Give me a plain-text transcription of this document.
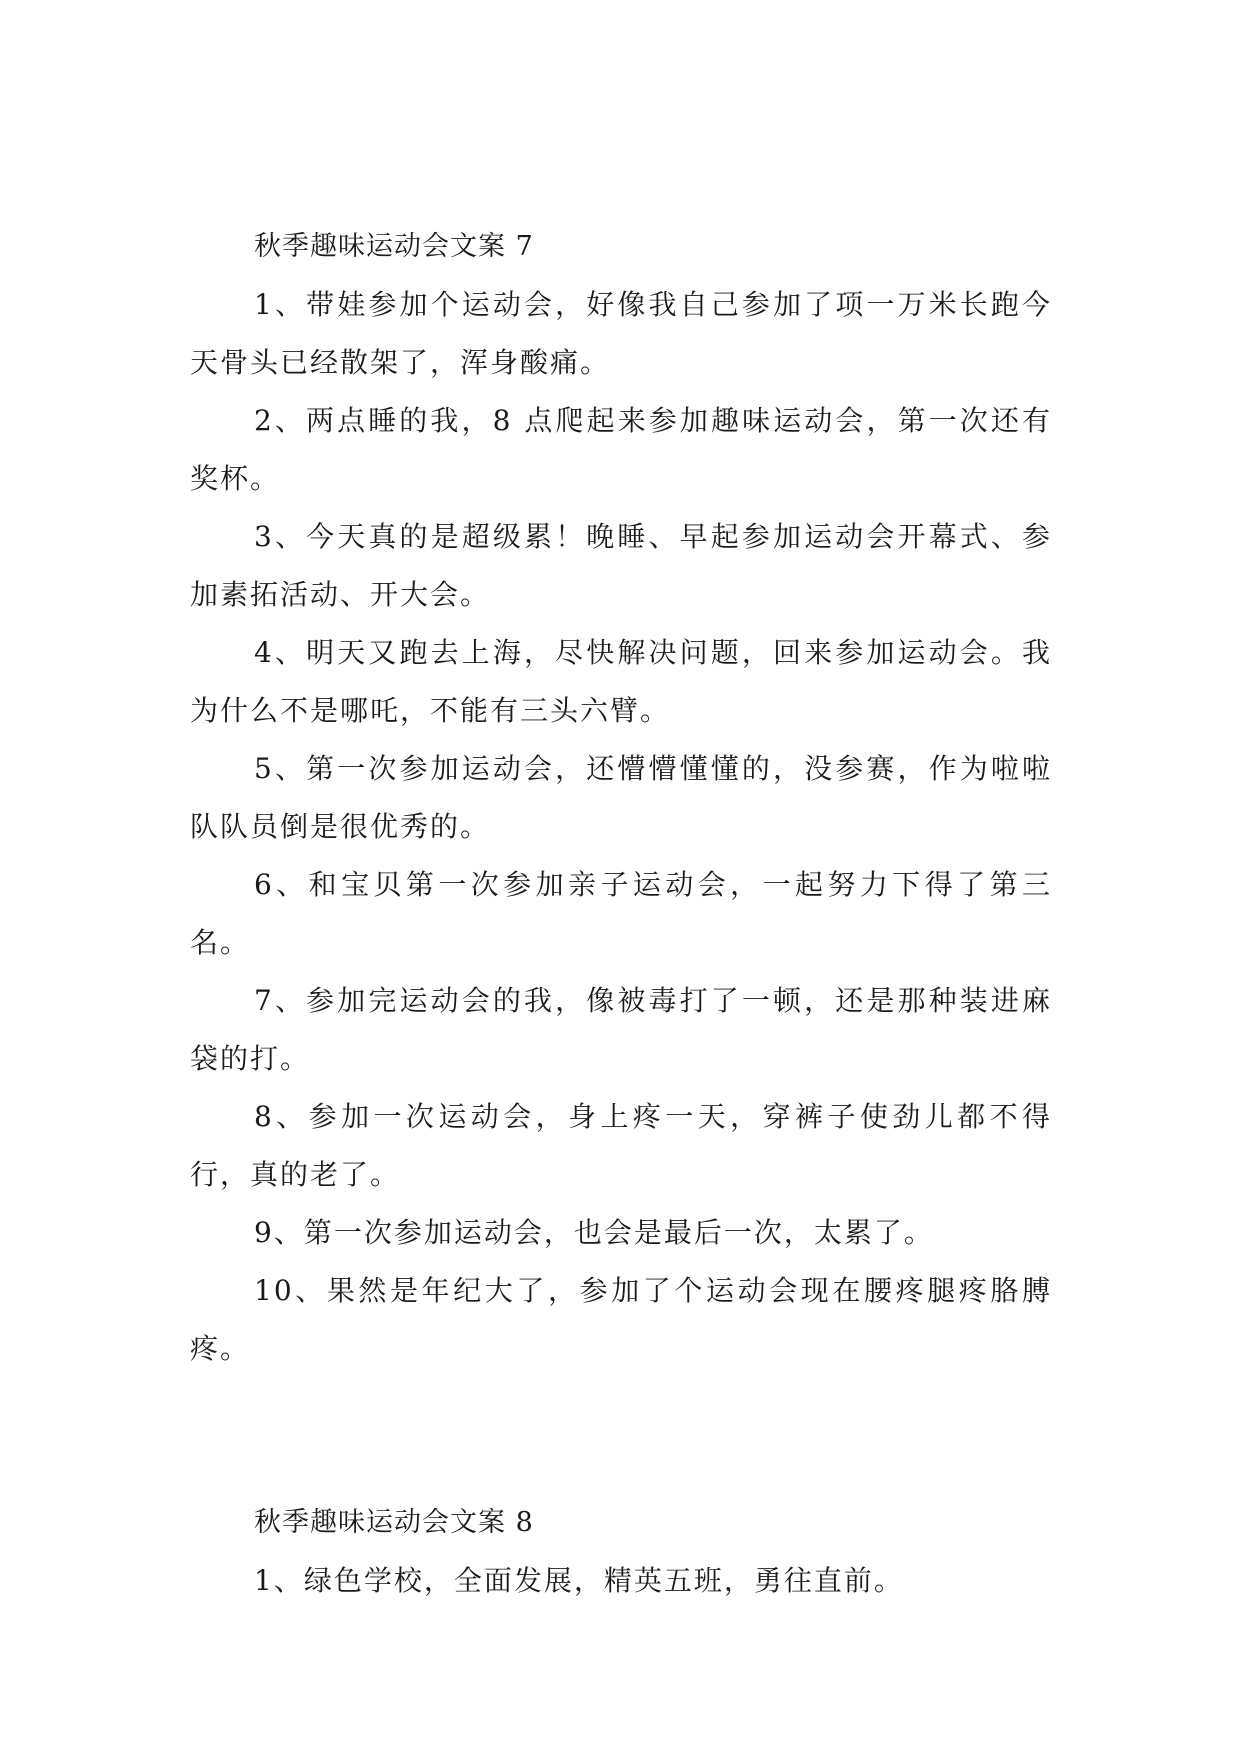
秋季趣味运动会文案 7

1、带娃参加个运动会，好像我自己参加了项一万米长跑今天骨头已经散架了，浑身酸痛。

2、两点睡的我，8 点爬起来参加趣味运动会，第一次还有奖杯。

3、今天真的是超级累！晚睡、早起参加运动会开幕式、参加素拓活动、开大会。

4、明天又跑去上海，尽快解决问题，回来参加运动会。我为什么不是哪吒，不能有三头六臂。

5、第一次参加运动会，还懵懵懂懂的，没参赛，作为啦啦队队员倒是很优秀的。

6、和宝贝第一次参加亲子运动会，一起努力下得了第三名。

7、参加完运动会的我，像被毒打了一顿，还是那种装进麻袋的打。

8、参加一次运动会，身上疼一天，穿裤子使劲儿都不得行，真的老了。

9、第一次参加运动会，也会是最后一次，太累了。

10、果然是年纪大了，参加了个运动会现在腰疼腿疼胳膊疼。

秋季趣味运动会文案 8

1、绿色学校，全面发展，精英五班，勇往直前。
